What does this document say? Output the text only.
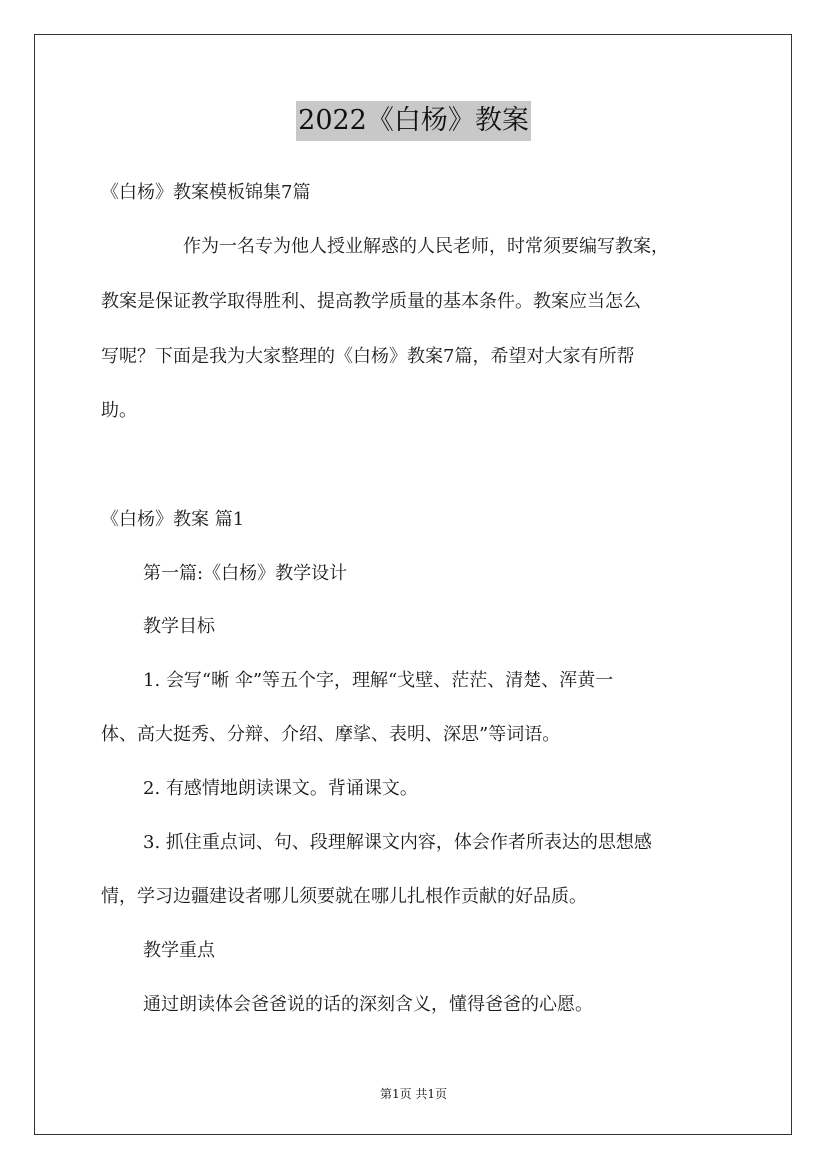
2022《白杨》教案
《白杨》教案模板锦集7篇
作为一名专为他人授业解惑的人民老师，时常须要编写教案，
教案是保证教学取得胜利、提高教学质量的基本条件。教案应当怎么
写呢？下面是我为大家整理的《白杨》教案7篇，希望对大家有所帮
助。
《白杨》教案 篇1
第一篇:《白杨》教学设计
教学目标
1. 会写“晰 伞”等五个字，理解“戈壁、茫茫、清楚、浑黄一
体、高大挺秀、分辩、介绍、摩挲、表明、深思”等词语。
2. 有感情地朗读课文。背诵课文。
3. 抓住重点词、句、段理解课文内容，体会作者所表达的思想感
情，学习边疆建设者哪儿须要就在哪儿扎根作贡献的好品质。
教学重点
通过朗读体会爸爸说的话的深刻含义，懂得爸爸的心愿。
第1页 共1页
